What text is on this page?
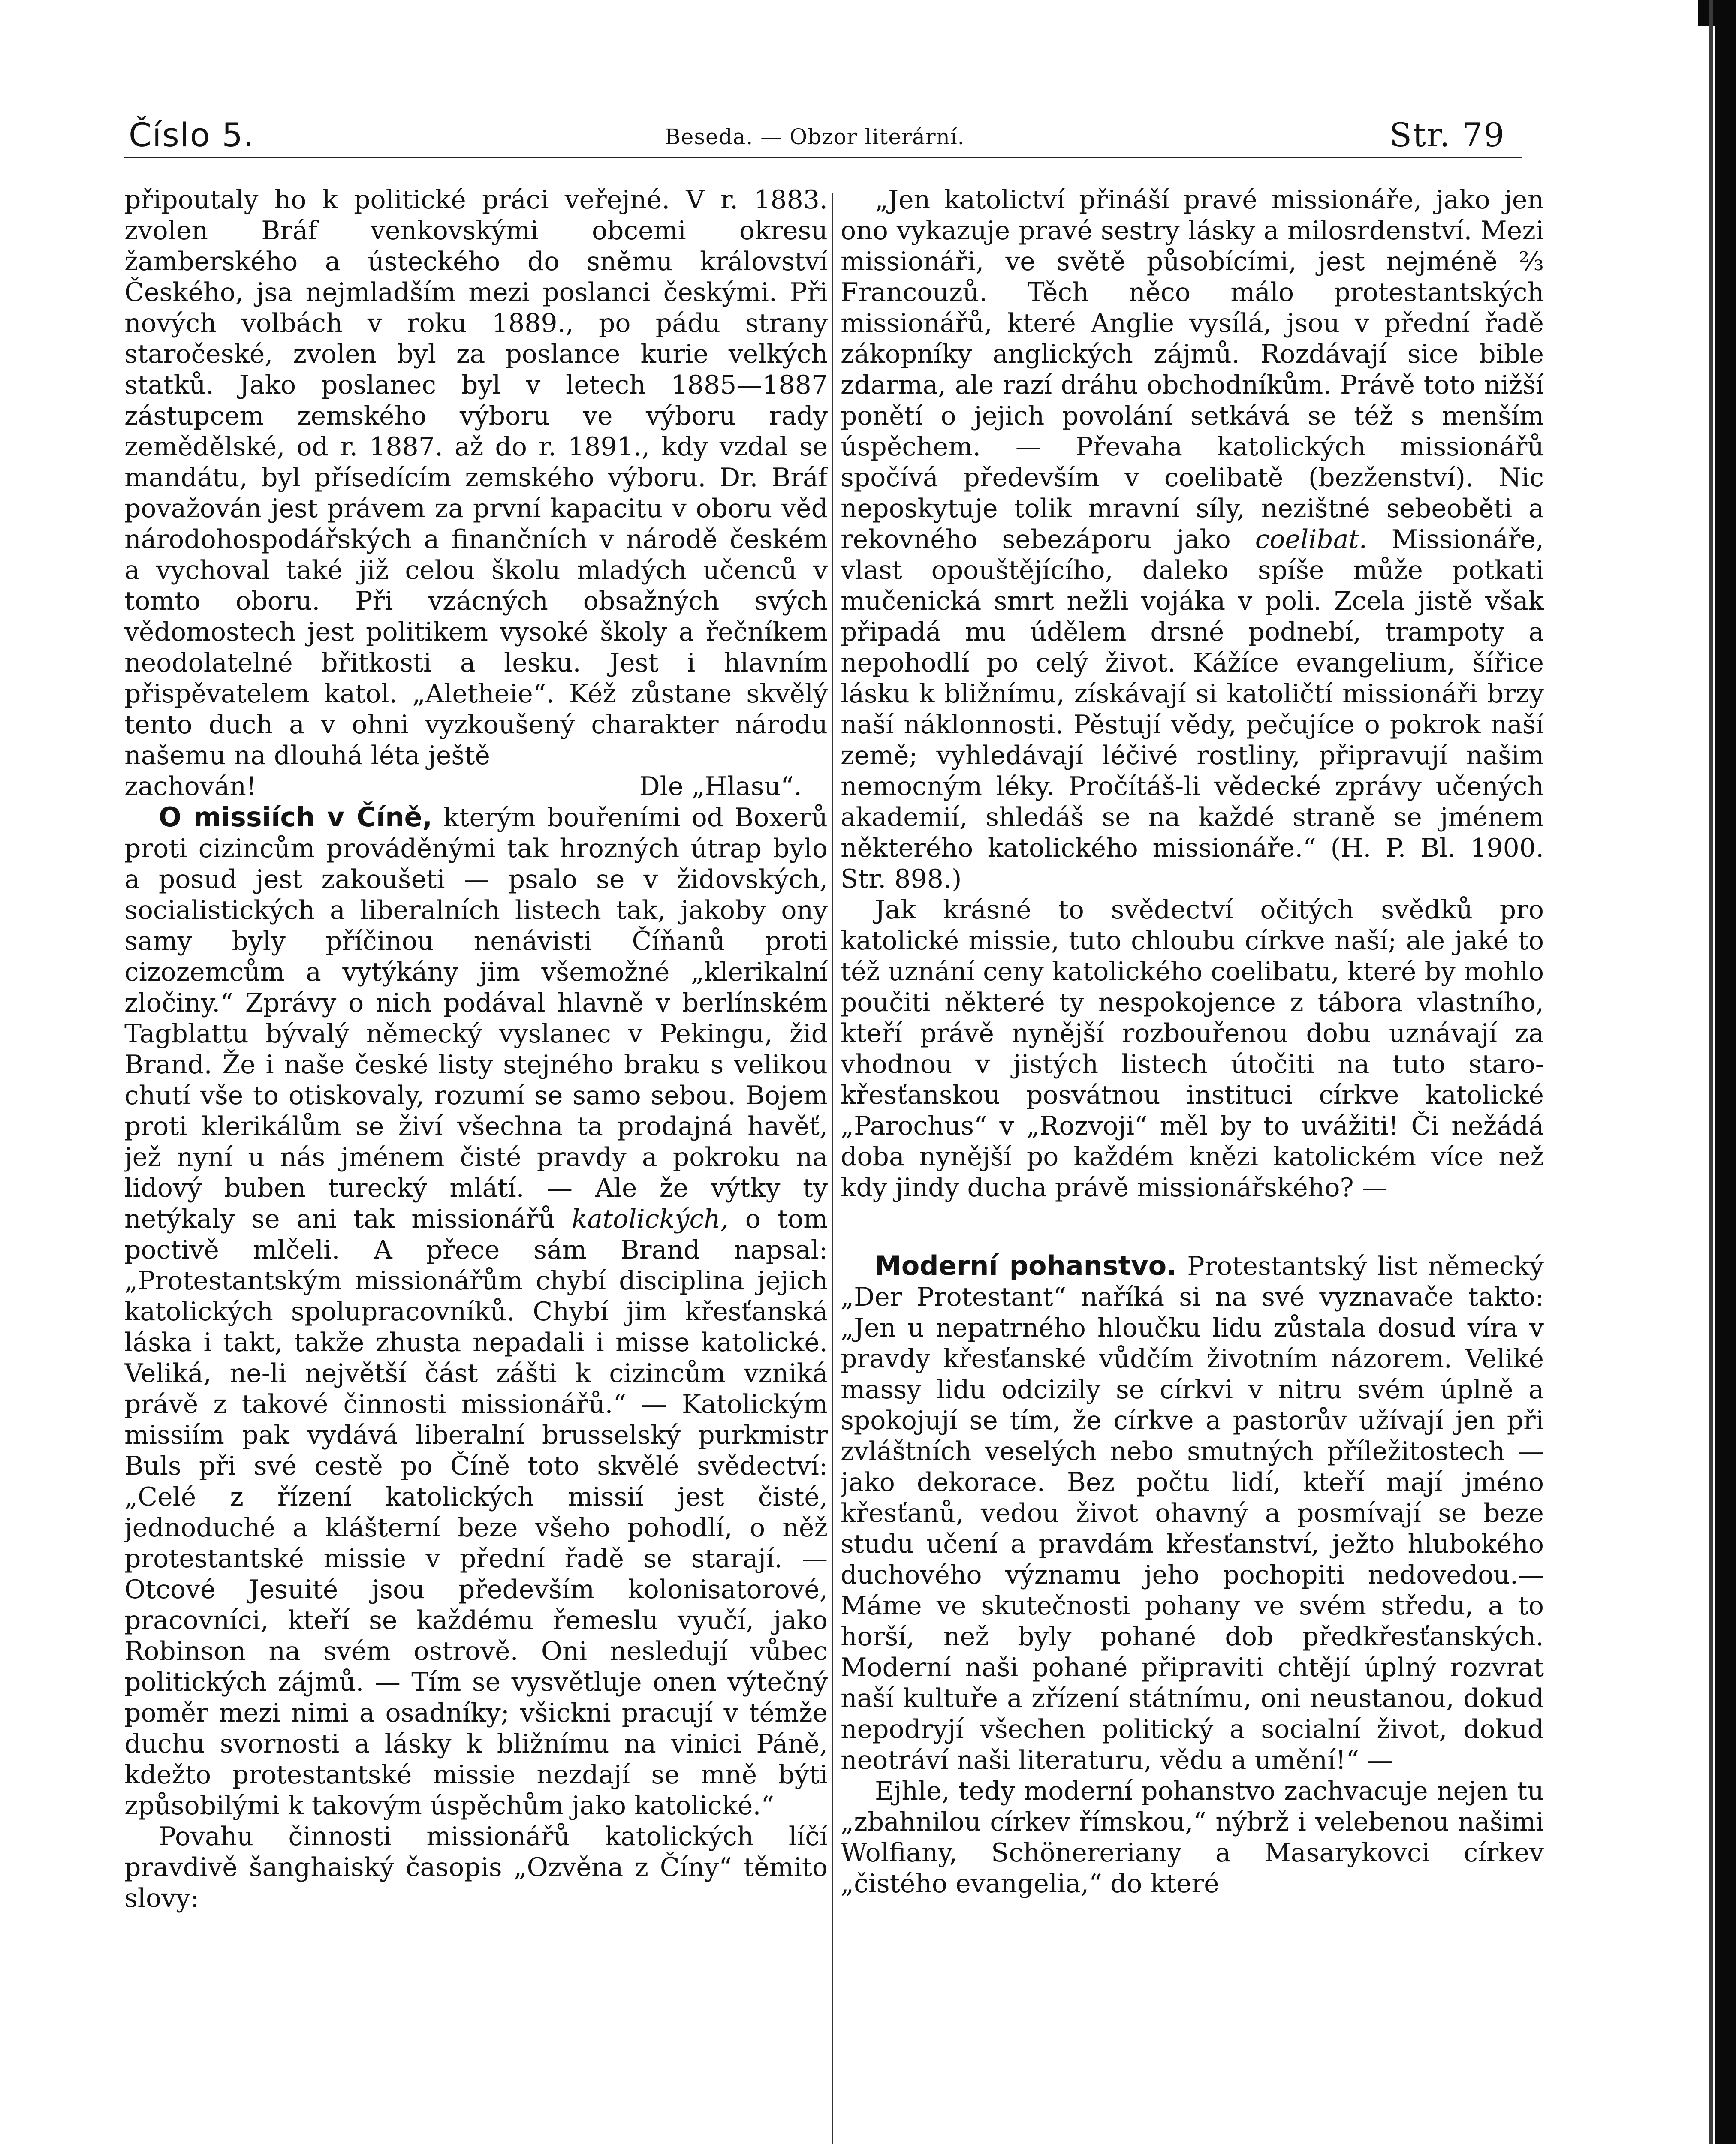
Číslo 5.	Beseda. — Obzor literární.	Str. 79

připoutaly ho k politické práci veřejné. V r. 1883. zvolen Bráf venkovskými obcemi okresu žamberského a ústeckého do sněmu království Českého, jsa nejmladším mezi poslanci českými. Při nových volbách v roku 1889., po pádu strany staročeské, zvolen byl za poslance kurie velkých statků. Jako poslanec byl v letech 1885—1887 zástupcem zemského výboru ve výboru rady zemědělské, od r. 1887. až do r. 1891., kdy vzdal se mandátu, byl přísedícím zemského výboru. Dr. Bráf považován jest právem za první kapacitu v oboru věd národohospodářských a finančních v národě českém a vychoval také již celou školu mladých učenců v tomto oboru. Při vzácných obsažných svých vědomostech jest politikem vysoké školy a řečníkem neodolatelné břitkosti a lesku. Jest i hlavním přispěvatelem katol. „Aletheie“. Kéž zůstane skvělý tento duch a v ohni vyzkoušený charakter národu našemu na dlouhá léta ještě

zachován!	Dle „Hlasu“.

O missiích v Číně, kterým bouřeními od Boxerů proti cizincům prováděnými tak hrozných útrap bylo a posud jest zakoušeti — psalo se v židovských, socialistických a liberalních listech tak, jakoby ony samy byly příčinou nenávisti Číňanů proti cizozemcům a vytýkány jim všemožné „klerikalní zločiny.“ Zprávy o nich podával hlavně v berlínském Tagblattu bývalý německý vyslanec v Pekingu, žid Brand. Že i naše české listy stejného braku s velikou chutí vše to otiskovaly, rozumí se samo sebou. Bojem proti klerikálům se živí všechna ta prodajná havěť, jež nyní u nás jménem čisté pravdy a pokroku na lidový buben turecký mlátí. — Ale že výtky ty netýkaly se ani tak missionářů katolických, o tom poctivě mlčeli. A přece sám Brand napsal: „Protestantským missionářům chybí disciplina jejich katolických spolupracovníků. Chybí jim křesťanská láska i takt, takže zhusta nepadali i misse katolické. Veliká, ne-li největší část zášti k cizincům vzniká právě z takové činnosti missionářů.“ — Katolickým missiím pak vydává liberalní brusselský purkmistr Buls při své cestě po Číně toto skvělé svědectví: „Celé z řízení katolických missií jest čisté, jednoduché a klášterní beze všeho pohodlí, o něž protestantské missie v přední řadě se starají. — Otcové Jesuité jsou především kolonisatorové, pracovníci, kteří se každému řemeslu vyučí, jako Robinson na svém ostrově. Oni nesledují vůbec politických zájmů. — Tím se vysvětluje onen výtečný poměr mezi nimi a osadníky; všickni pracují v témže duchu svornosti a lásky k bližnímu na vinici Páně, kdežto protestantské missie nezdají se mně býti způsobilými k takovým úspěchům jako katolické.“

Povahu činnosti missionářů katolických líčí pravdivě šanghaiský časopis „Ozvěna z Číny“ těmito slovy:

„Jen katolictví přináší pravé missionáře, jako jen ono vykazuje pravé sestry lásky a milosrdenství. Mezi missionáři, ve světě působícími, jest nejméně ⅔ Francouzů. Těch něco málo protestantských missionářů, které Anglie vysílá, jsou v přední řadě zákopníky anglických zájmů. Rozdávají sice bible zdarma, ale razí dráhu obchodníkům. Právě toto nižší ponětí o jejich povolání setkává se též s menším úspěchem. — Převaha katolických missionářů spočívá především v coelibatě (bezženství). Nic neposkytuje tolik mravní síly, nezištné sebeoběti a rekovného sebezáporu jako coelibat. Missionáře, vlast opouštějícího, daleko spíše může potkati mučenická smrt nežli vojáka v poli. Zcela jistě však připadá mu údělem drsné podnebí, trampoty a nepohodlí po celý život. Kážíce evangelium, šířice lásku k bližnímu, získávají si katoličtí missionáři brzy naší náklonnosti. Pěstují vědy, pečujíce o pokrok naší země; vyhledávají léčivé rostliny, připravují našim nemocným léky. Pročítáš-li vědecké zprávy učených akademií, shledáš se na každé straně se jménem některého katolického missionáře.“ (H. P. Bl. 1900. Str. 898.)

Jak krásné to svědectví očitých svědků pro katolické missie, tuto chloubu církve naší; ale jaké to též uznání ceny katolického coelibatu, které by mohlo poučiti některé ty nespokojence z tábora vlastního, kteří právě nynější rozbouřenou dobu uznávají za vhodnou v jistých listech útočiti na tuto staro-křesťanskou posvátnou instituci církve katolické „Parochus“ v „Rozvoji“ měl by to uvážiti! Či nežádá doba nynější po každém knězi katolickém více než kdy jindy ducha právě missionářského? —

Moderní pohanstvo. Protestantský list německý „Der Protestant“ naříká si na své vyznavače takto: „Jen u nepatrného hloučku lidu zůstala dosud víra v pravdy křesťanské vůdčím životním názorem. Veliké massy lidu odcizily se církvi v nitru svém úplně a spokojují se tím, že církve a pastorův užívají jen při zvláštních veselých nebo smutných příležitostech — jako dekorace. Bez počtu lidí, kteří mají jméno křesťanů, vedou život ohavný a posmívají se beze studu učení a pravdám křesťanství, ježto hlubokého duchového významu jeho pochopiti nedovedou.— Máme ve skutečnosti pohany ve svém středu, a to horší, než byly pohané dob předkřesťanských. Moderní naši pohané připraviti chtějí úplný rozvrat naší kultuře a zřízení státnímu, oni neustanou, dokud nepodryjí všechen politický a socialní život, dokud neotráví naši literaturu, vědu a umění!“ —

Ejhle, tedy moderní pohanstvo zachvacuje nejen tu „zbahnilou církev římskou,“ nýbrž i velebenou našimi Wolfiany, Schönereriany a Masarykovci církev „čistého evangelia,“ do které
